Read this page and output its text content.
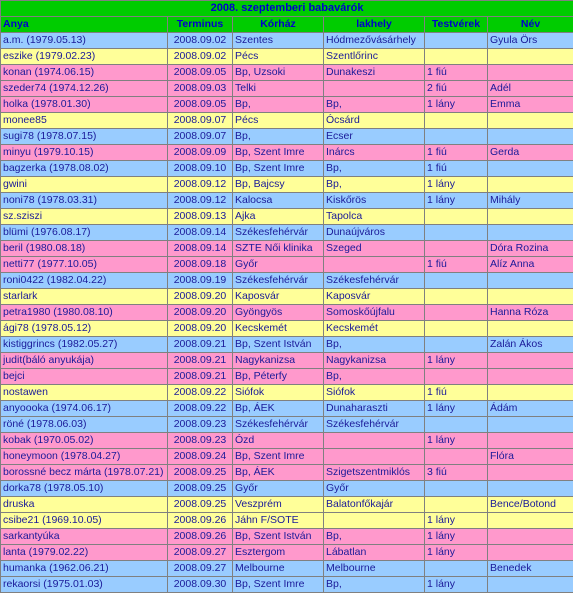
2008. szeptemberi babavárók					
Anya	Terminus	Kórház	lakhely	Testvérek	Név
a.m. (1979.05.13)	2008.09.02	Szentes	Hódmezővásárhely		Gyula Örs
eszike (1979.02.23)	2008.09.02	Pécs	Szentlőrinc		
konan (1974.06.15)	2008.09.05	Bp, Uzsoki	Dunakeszi	1 fiú	
szeder74 (1974.12.26)	2008.09.03	Telki		2 fiú	Adél
holka (1978.01.30)	2008.09.05	Bp,	Bp,	1 lány	Emma
monee85	2008.09.07	Pécs	Ócsárd		
sugi78 (1978.07.15)	2008.09.07	Bp,	Ecser		
minyu (1979.10.15)	2008.09.09	Bp, Szent Imre	Inárcs	1 fiú	Gerda
bagzerka (1978.08.02)	2008.09.10	Bp, Szent Imre	Bp,	1 fiú	
gwini	2008.09.12	Bp, Bajcsy	Bp,	1 lány	
noni78 (1978.03.31)	2008.09.12	Kalocsa	Kiskőrös	1 lány	Mihály
sz.sziszi	2008.09.13	Ajka	Tapolca		
blümi (1976.08.17)	2008.09.14	Székesfehérvár	Dunaújváros		
beril (1980.08.18)	2008.09.14	SZTE Női klinika	Szeged		Dóra Rozina
netti77 (1977.10.05)	2008.09.18	Győr		1 fiú	Alíz Anna
roni0422 (1982.04.22)	2008.09.19	Székesfehérvár	Székesfehérvár		
starlark	2008.09.20	Kaposvár	Kaposvár		
petra1980 (1980.08.10)	2008.09.20	Gyöngyös	Somoskőújfalu		Hanna Róza
ági78 (1978.05.12)	2008.09.20	Kecskemét	Kecskemét		
kistiggrincs (1982.05.27)	2008.09.21	Bp, Szent István	Bp,		Zalán Ákos
judit(báló anyukája)	2008.09.21	Nagykanizsa	Nagykanizsa	1 lány	
bejci	2008.09.21	Bp, Péterfy	Bp,		
nostawen	2008.09.22	Siófok	Siófok	1 fiú	
anyoooka (1974.06.17)	2008.09.22	Bp, ÁEK	Dunaharaszti	1 lány	Ádám
röné (1978.06.03)	2008.09.23	Székesfehérvár	Székesfehérvár		
kobak (1970.05.02)	2008.09.23	Ózd		1 lány	
honeymoon (1978.04.27)	2008.09.24	Bp, Szent Imre			Flóra
borossné becz márta (1978.07.21)	2008.09.25	Bp, ÁEK	Szigetszentmiklós	3 fiú	
dorka78 (1978.05.10)	2008.09.25	Győr	Győr		
druska	2008.09.25	Veszprém	Balatonfőkajár		Bence/Botond
csibe21 (1969.10.05)	2008.09.26	Jáhn F/SOTE		1 lány	
sarkantyúka	2008.09.26	Bp, Szent István	Bp,	1 lány	
lanta (1979.02.22)	2008.09.27	Esztergom	Lábatlan	1 lány	
humanka (1962.06.21)	2008.09.27	Melbourne	Melbourne		Benedek
rekaorsi (1975.01.03)	2008.09.30	Bp, Szent Imre	Bp,	1 lány	
